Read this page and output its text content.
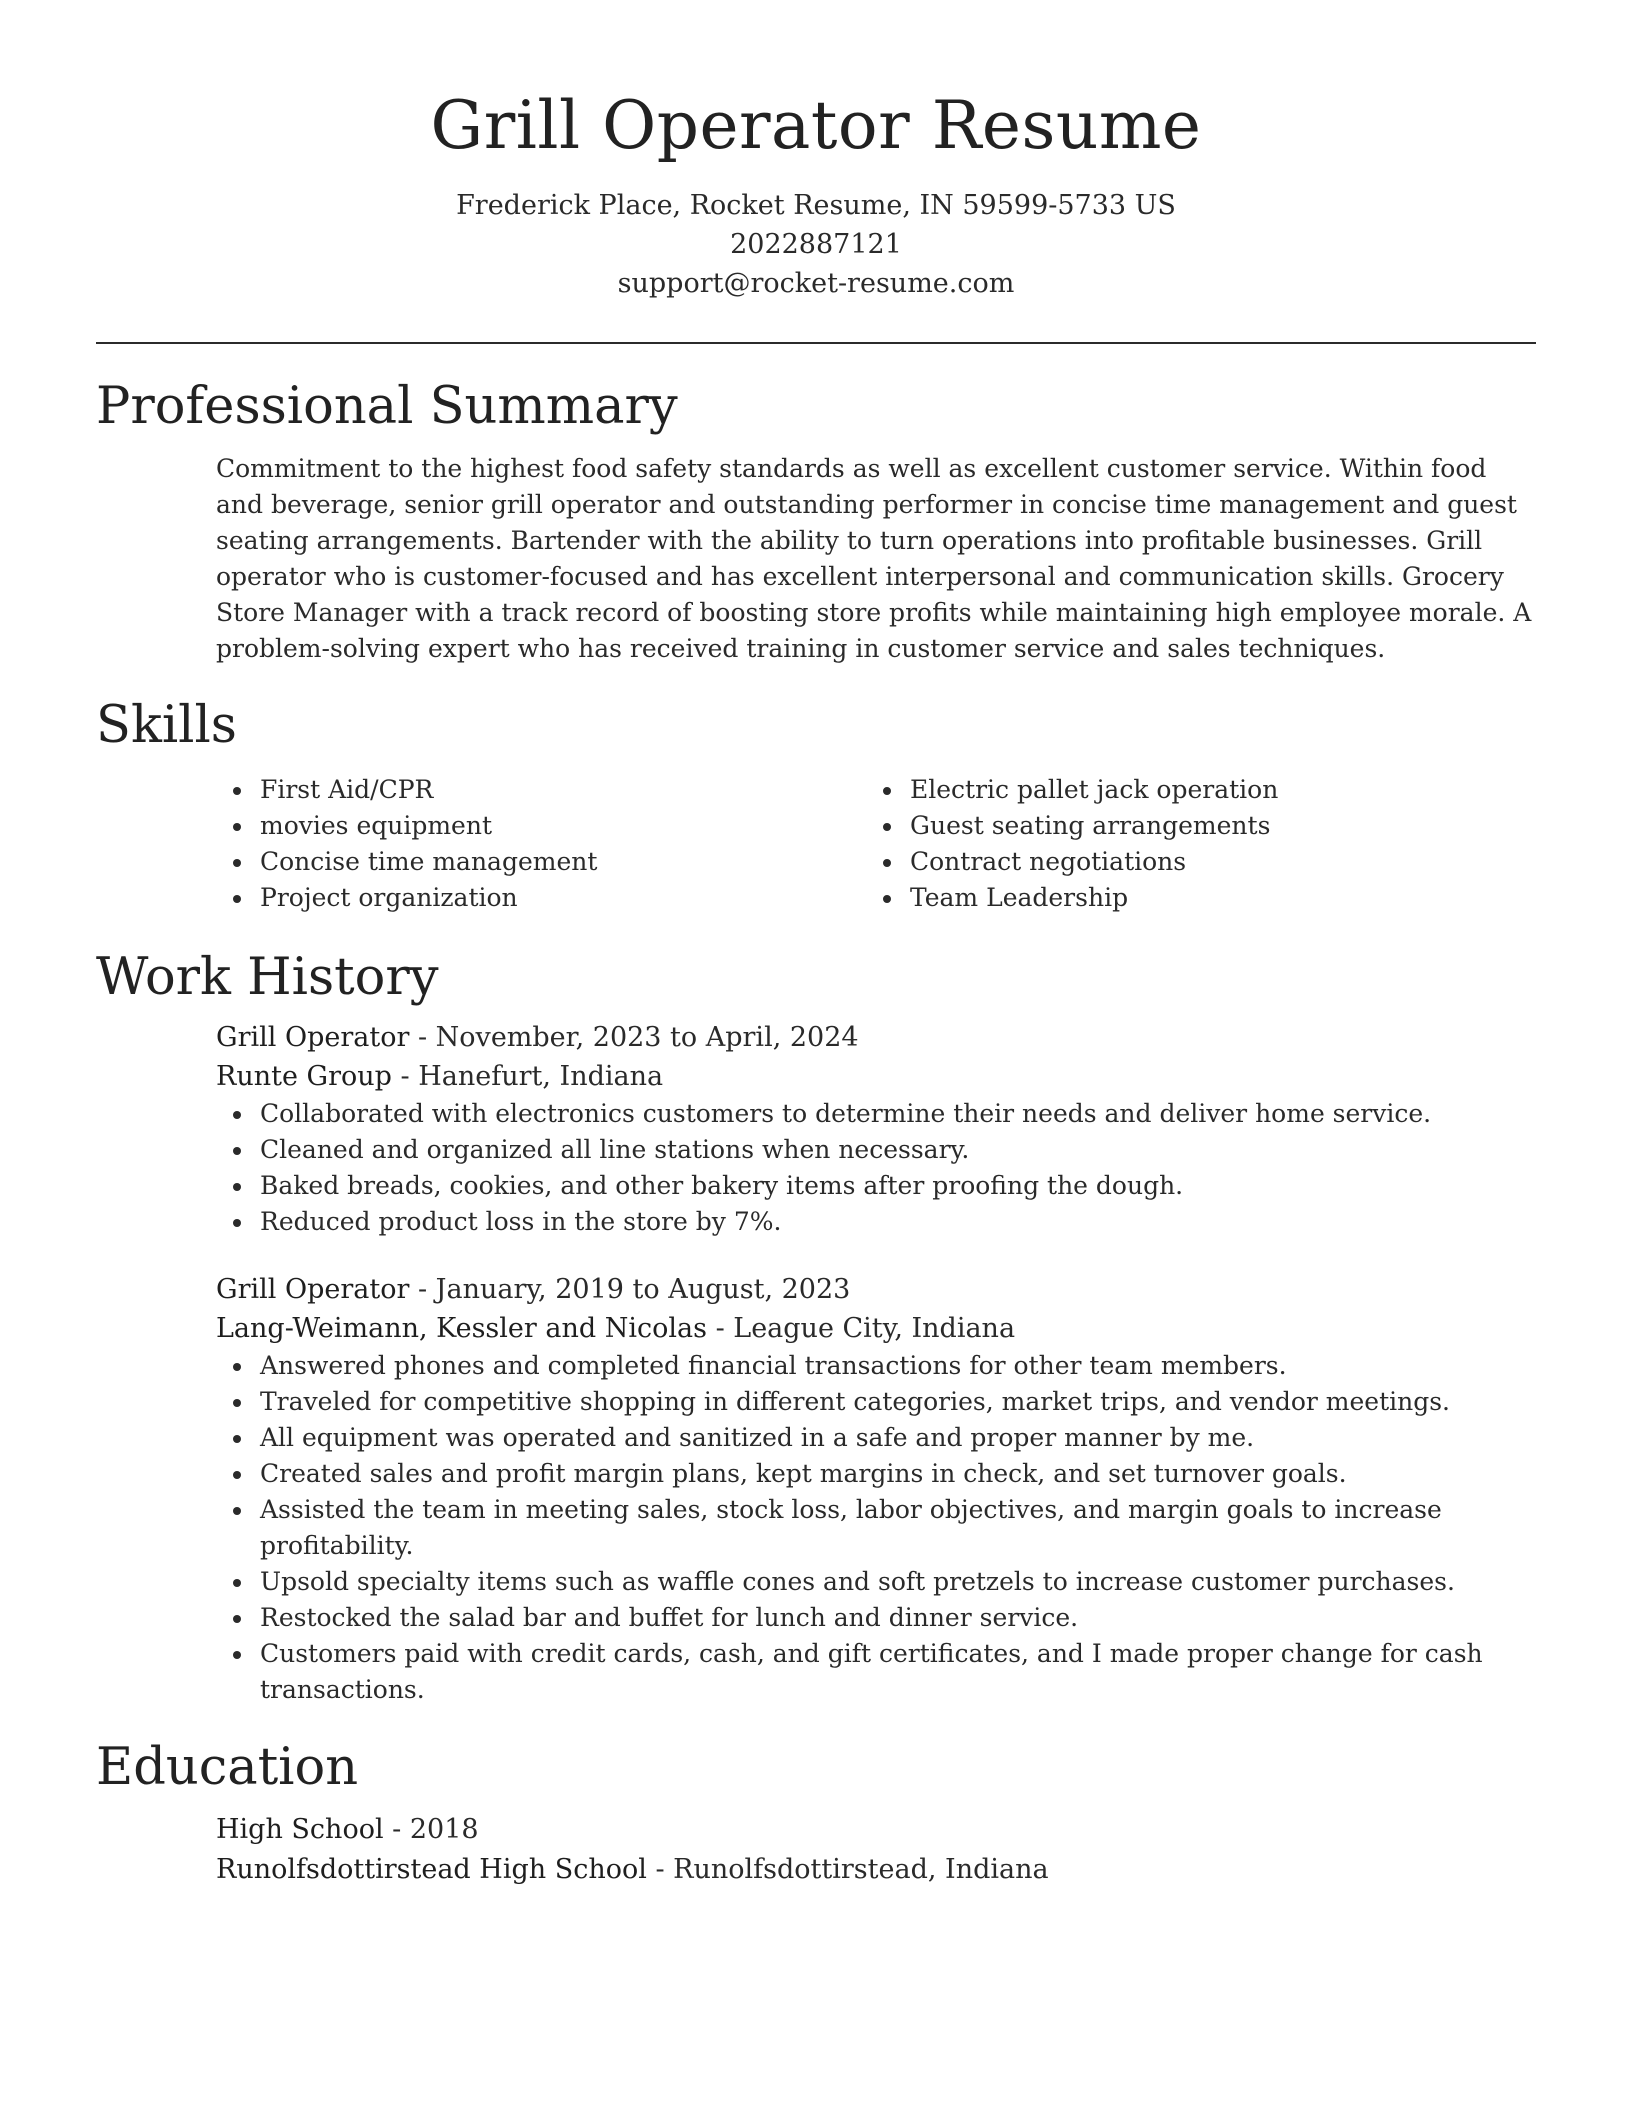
Grill Operator Resume
Frederick Place, Rocket Resume, IN 59599-5733 US
2022887121
support@rocket-resume.com
Professional Summary
Commitment to the highest food safety standards as well as excellent customer service. Within food and beverage, senior grill operator and outstanding performer in concise time management and guest seating arrangements. Bartender with the ability to turn operations into profitable businesses. Grill operator who is customer-focused and has excellent interpersonal and communication skills. Grocery Store Manager with a track record of boosting store profits while maintaining high employee morale. A problem-solving expert who has received training in customer service and sales techniques.
Skills
First Aid/CPR
movies equipment
Concise time management
Project organization
Electric pallet jack operation
Guest seating arrangements
Contract negotiations
Team Leadership
Work History
Grill Operator - November, 2023 to April, 2024
Runte Group - Hanefurt, Indiana
Collaborated with electronics customers to determine their needs and deliver home service.
Cleaned and organized all line stations when necessary.
Baked breads, cookies, and other bakery items after proofing the dough.
Reduced product loss in the store by 7%.
Grill Operator - January, 2019 to August, 2023
Lang-Weimann, Kessler and Nicolas - League City, Indiana
Answered phones and completed financial transactions for other team members.
Traveled for competitive shopping in different categories, market trips, and vendor meetings.
All equipment was operated and sanitized in a safe and proper manner by me.
Created sales and profit margin plans, kept margins in check, and set turnover goals.
Assisted the team in meeting sales, stock loss, labor objectives, and margin goals to increase profitability.
Upsold specialty items such as waffle cones and soft pretzels to increase customer purchases.
Restocked the salad bar and buffet for lunch and dinner service.
Customers paid with credit cards, cash, and gift certificates, and I made proper change for cash transactions.
Education
High School - 2018
Runolfsdottirstead High School - Runolfsdottirstead, Indiana
